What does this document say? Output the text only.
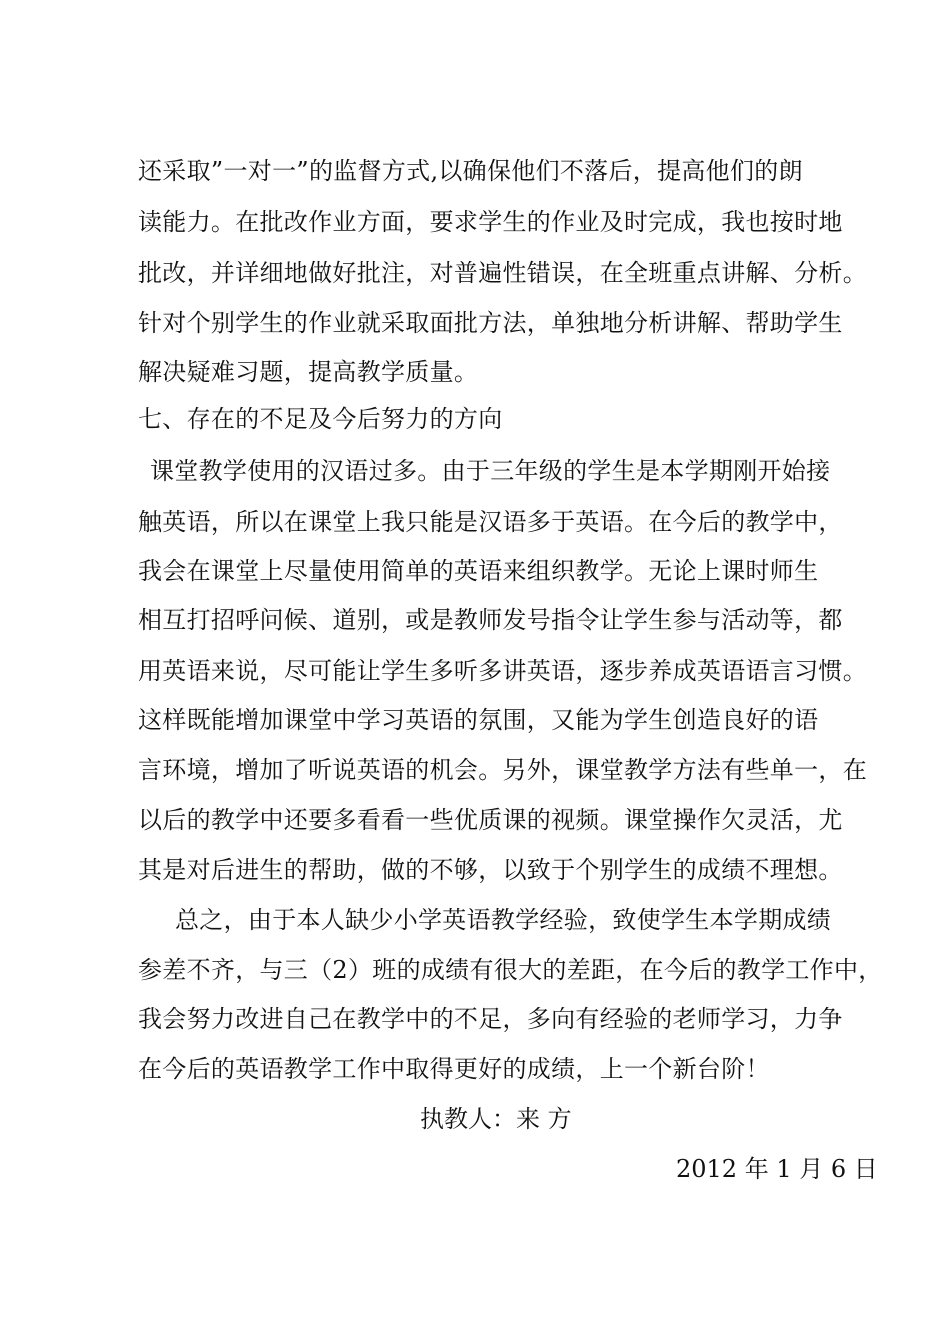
还采取”一对一”的监督方式,以确保他们不落后，提高他们的朗
读能力。在批改作业方面，要求学生的作业及时完成，我也按时地
批改，并详细地做好批注，对普遍性错误，在全班重点讲解、分析。
针对个别学生的作业就采取面批方法，单独地分析讲解、帮助学生
解决疑难习题，提高教学质量。
七、存在的不足及今后努力的方向
课堂教学使用的汉语过多。由于三年级的学生是本学期刚开始接
触英语，所以在课堂上我只能是汉语多于英语。在今后的教学中，
我会在课堂上尽量使用简单的英语来组织教学。无论上课时师生
相互打招呼问候、道别，或是教师发号指令让学生参与活动等，都
用英语来说，尽可能让学生多听多讲英语，逐步养成英语语言习惯。
这样既能增加课堂中学习英语的氛围，又能为学生创造良好的语
言环境，增加了听说英语的机会。另外，课堂教学方法有些单一，在
以后的教学中还要多看看一些优质课的视频。课堂操作欠灵活，尤
其是对后进生的帮助，做的不够，以致于个别学生的成绩不理想。
总之，由于本人缺少小学英语教学经验，致使学生本学期成绩
参差不齐，与三（2）班的成绩有很大的差距，在今后的教学工作中，
我会努力改进自己在教学中的不足，多向有经验的老师学习，力争
在今后的英语教学工作中取得更好的成绩，上一个新台阶！
执教人：来 方
2012 年 1 月 6 日
